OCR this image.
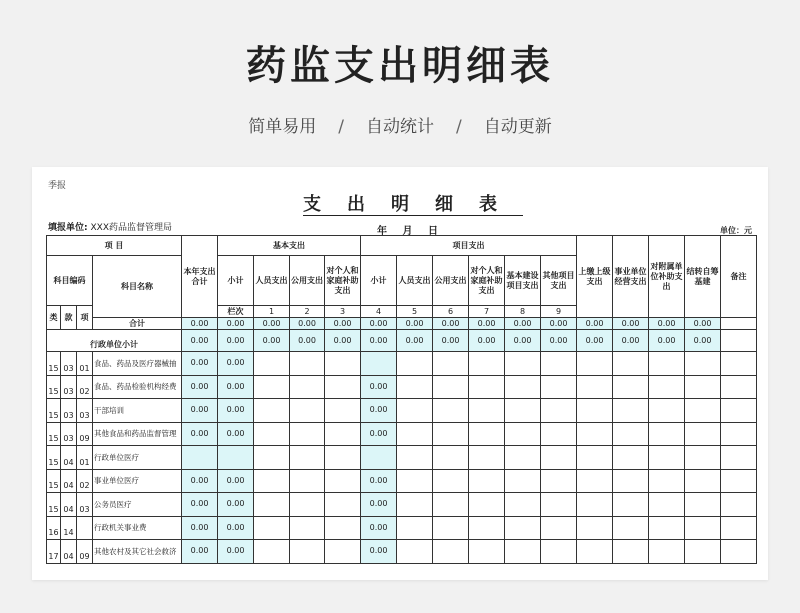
药监支出明细表
简单易用 / 自动统计 / 自动更新
季报
支出明细表
填报单位: XXX药品监督管理局	年 月 日	单位：元
项 目				本年支出合计	基本支出				项目支出						上缴上级支出	事业单位经营支出	对附属单位补助支出	结转自筹基建	备注	
科目编码			科目名称		小计	人员支出	公用支出	对个人和家庭补助支出	小计	人员支出	公用支出	对个人和家庭补助支出	基本建设项目支出	其他项目支出						
类	款	项			栏次	1	2	3	4	5	6	7	8	9							
			合计	0.00	0.00	0.00	0.00	0.00	0.00	0.00	0.00	0.00	0.00	0.00	0.00	0.00	0.00	0.00		
行政单位小计				0.00	0.00	0.00	0.00	0.00	0.00	0.00	0.00	0.00	0.00	0.00	0.00	0.00	0.00	0.00		
15	03	01	食品、药品及医疗器械抽	0.00	0.00															
15	03	02	食品、药品检验机构经费	0.00	0.00				0.00											
15	03	03	干部培训	0.00	0.00				0.00											
15	03	09	其他食品和药品监督管理	0.00	0.00				0.00											
15	04	01	行政单位医疗																	
15	04	02	事业单位医疗	0.00	0.00				0.00											
15	04	03	公务员医疗	0.00	0.00				0.00											
16	14		行政机关事业费	0.00	0.00				0.00											
17	04	09	其他农村及其它社会救济	0.00	0.00				0.00											
